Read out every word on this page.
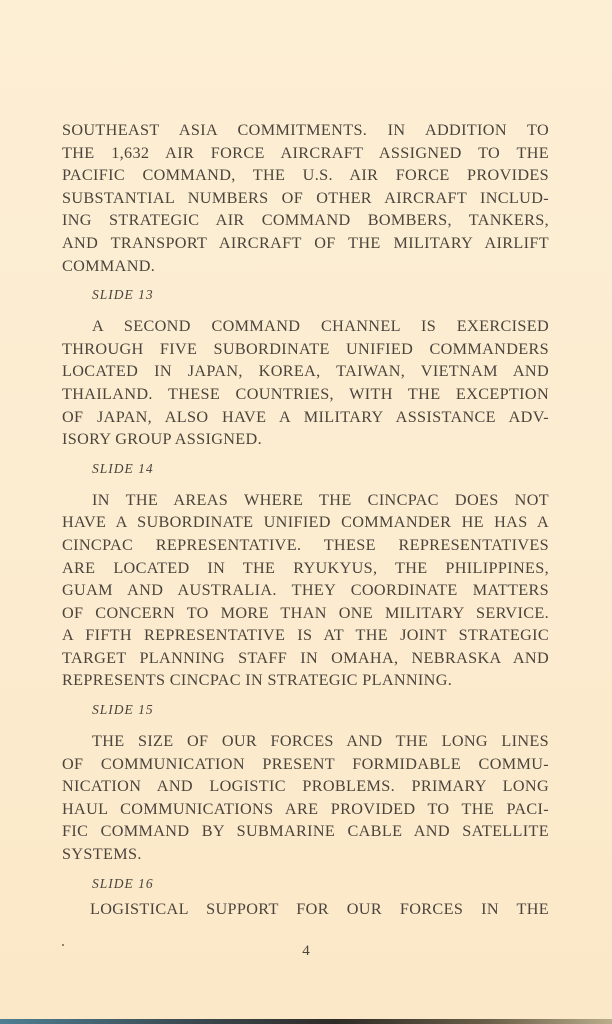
SOUTHEAST ASIA COMMITMENTS. IN ADDITION TO
THE 1,632 AIR FORCE AIRCRAFT ASSIGNED TO THE
PACIFIC COMMAND, THE U.S. AIR FORCE PROVIDES
SUBSTANTIAL NUMBERS OF OTHER AIRCRAFT INCLUD-
ING STRATEGIC AIR COMMAND BOMBERS, TANKERS,
AND TRANSPORT AIRCRAFT OF THE MILITARY AIRLIFT
COMMAND.
SLIDE 13
A SECOND COMMAND CHANNEL IS EXERCISED
THROUGH FIVE SUBORDINATE UNIFIED COMMANDERS
LOCATED IN JAPAN, KOREA, TAIWAN, VIETNAM AND
THAILAND. THESE COUNTRIES, WITH THE EXCEPTION
OF JAPAN, ALSO HAVE A MILITARY ASSISTANCE ADV-
ISORY GROUP ASSIGNED.
SLIDE 14
IN THE AREAS WHERE THE CINCPAC DOES NOT
HAVE A SUBORDINATE UNIFIED COMMANDER HE HAS A
CINCPAC REPRESENTATIVE. THESE REPRESENTATIVES
ARE LOCATED IN THE RYUKYUS, THE PHILIPPINES,
GUAM AND AUSTRALIA. THEY COORDINATE MATTERS
OF CONCERN TO MORE THAN ONE MILITARY SERVICE.
A FIFTH REPRESENTATIVE IS AT THE JOINT STRATEGIC
TARGET PLANNING STAFF IN OMAHA, NEBRASKA AND
REPRESENTS CINCPAC IN STRATEGIC PLANNING.
SLIDE 15
THE SIZE OF OUR FORCES AND THE LONG LINES
OF COMMUNICATION PRESENT FORMIDABLE COMMU-
NICATION AND LOGISTIC PROBLEMS. PRIMARY LONG
HAUL COMMUNICATIONS ARE PROVIDED TO THE PACI-
FIC COMMAND BY SUBMARINE CABLE AND SATELLITE
SYSTEMS.
SLIDE 16
LOGISTICAL SUPPORT FOR OUR FORCES IN THE
4
